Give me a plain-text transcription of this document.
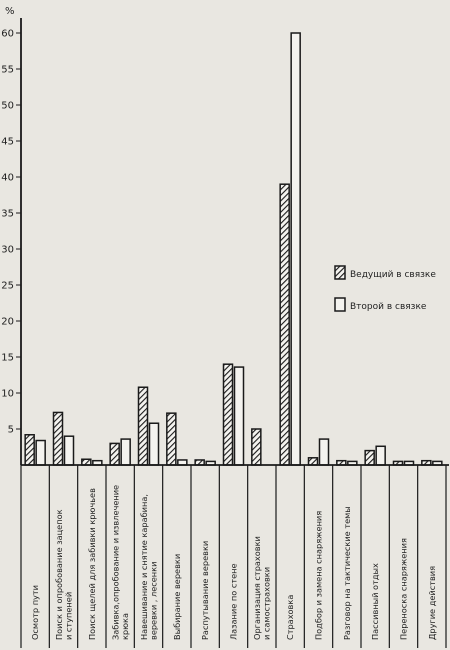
%
5
10
15
20
25
30
35
40
45
50
55
60
Осмотр пути Поиск и опробование зацепок и ступеней Поиск щелей для забивки крючьев Забивка,опробование и извлечение крюка Навешивание и снятие карабина, веревки , лесенки Выбирание веревки Распутывание веревки Лазание по стене Организация страховки и самостраховки Страховка Подбор и замена снаряжения Разговор на тактические темы Пассивный отдых Переноска снаряжения Другие действия
Ведущий в связке
Второй в связке
